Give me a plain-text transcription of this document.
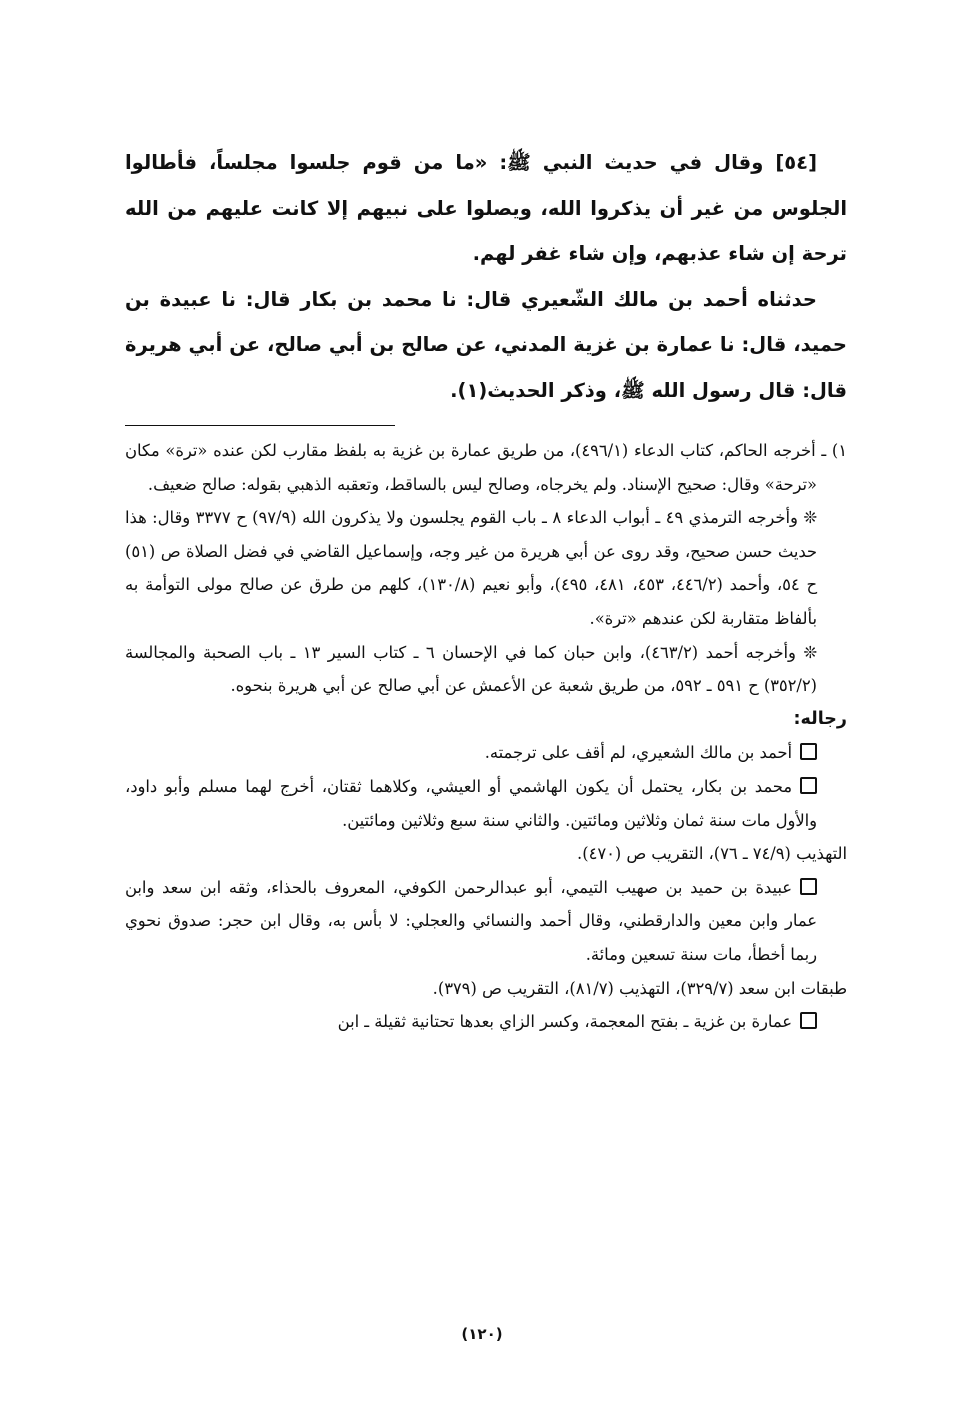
[٥٤] وقال في حديث النبي ﷺ: «ما من قوم جلسوا مجلساً، فأطالوا الجلوس من غير أن يذكروا الله، ويصلوا على نبيهم إلا كانت عليهم من الله ترحة إن شاء عذبهم، وإن شاء غفر لهم.

حدثناه أحمد بن مالك الشّعيري قال: نا محمد بن بكار قال: نا عبيدة بن حميد، قال: نا عمارة بن غزية المدني، عن صالح بن أبي صالح، عن أبي هريرة قال: قال رسول الله ﷺ، وذكر الحديث(١).

١) ـ أخرجه الحاكم، كتاب الدعاء (٤٩٦/١)، من طريق عمارة بن غزية به بلفظ مقارب لكن عنده «ترة» مكان «ترحة» وقال: صحيح الإسناد. ولم يخرجاه، وصالح ليس بالساقط، وتعقبه الذهبي بقوله: صالح ضعيف.

❊ وأخرجه الترمذي ٤٩ ـ أبواب الدعاء ٨ ـ باب القوم يجلسون ولا يذكرون الله (٩٧/٩) ح ٣٣٧٧ وقال: هذا حديث حسن صحيح، وقد روى عن أبي هريرة من غير وجه، وإسماعيل القاضي في فضل الصلاة ص (٥١) ح ٥٤، وأحمد (٤٤٦/٢، ٤٥٣، ٤٨١، ٤٩٥)، وأبو نعيم (١٣٠/٨)، كلهم من طرق عن صالح مولى التوأمة به بألفاظ متقاربة لكن عندهم «ترة».

❊ وأخرجه أحمد (٤٦٣/٢)، وابن حبان كما في الإحسان ٦ ـ كتاب السير ١٣ ـ باب الصحبة والمجالسة (٣٥٢/٢) ح ٥٩١ ـ ٥٩٢، من طريق شعبة عن الأعمش عن أبي صالح عن أبي هريرة بنحوه.

رجاله:

أحمد بن مالك الشعيري، لم أقف على ترجمته.

محمد بن بكار، يحتمل أن يكون الهاشمي أو العيشي، وكلاهما ثقتان، أخرج لهما مسلم وأبو داود، والأول مات سنة ثمان وثلاثين ومائتين. والثاني سنة سبع وثلاثين ومائتين.

التهذيب (٧٤/٩ ـ ٧٦)، التقريب ص (٤٧٠).

عبيدة بن حميد بن صهيب التيمي، أبو عبدالرحمن الكوفي، المعروف بالحذاء، وثقه ابن سعد وابن عمار وابن معين والدارقطني، وقال أحمد والنسائي والعجلي: لا بأس به، وقال ابن حجر: صدوق نحوي ربما أخطأ، مات سنة تسعين ومائة.

طبقات ابن سعد (٣٢٩/٧)، التهذيب (٨١/٧)، التقريب ص (٣٧٩).

عمارة بن غزية ـ بفتح المعجمة، وكسر الزاي بعدها تحتانية ثقيلة ـ ابن

(١٢٠)
